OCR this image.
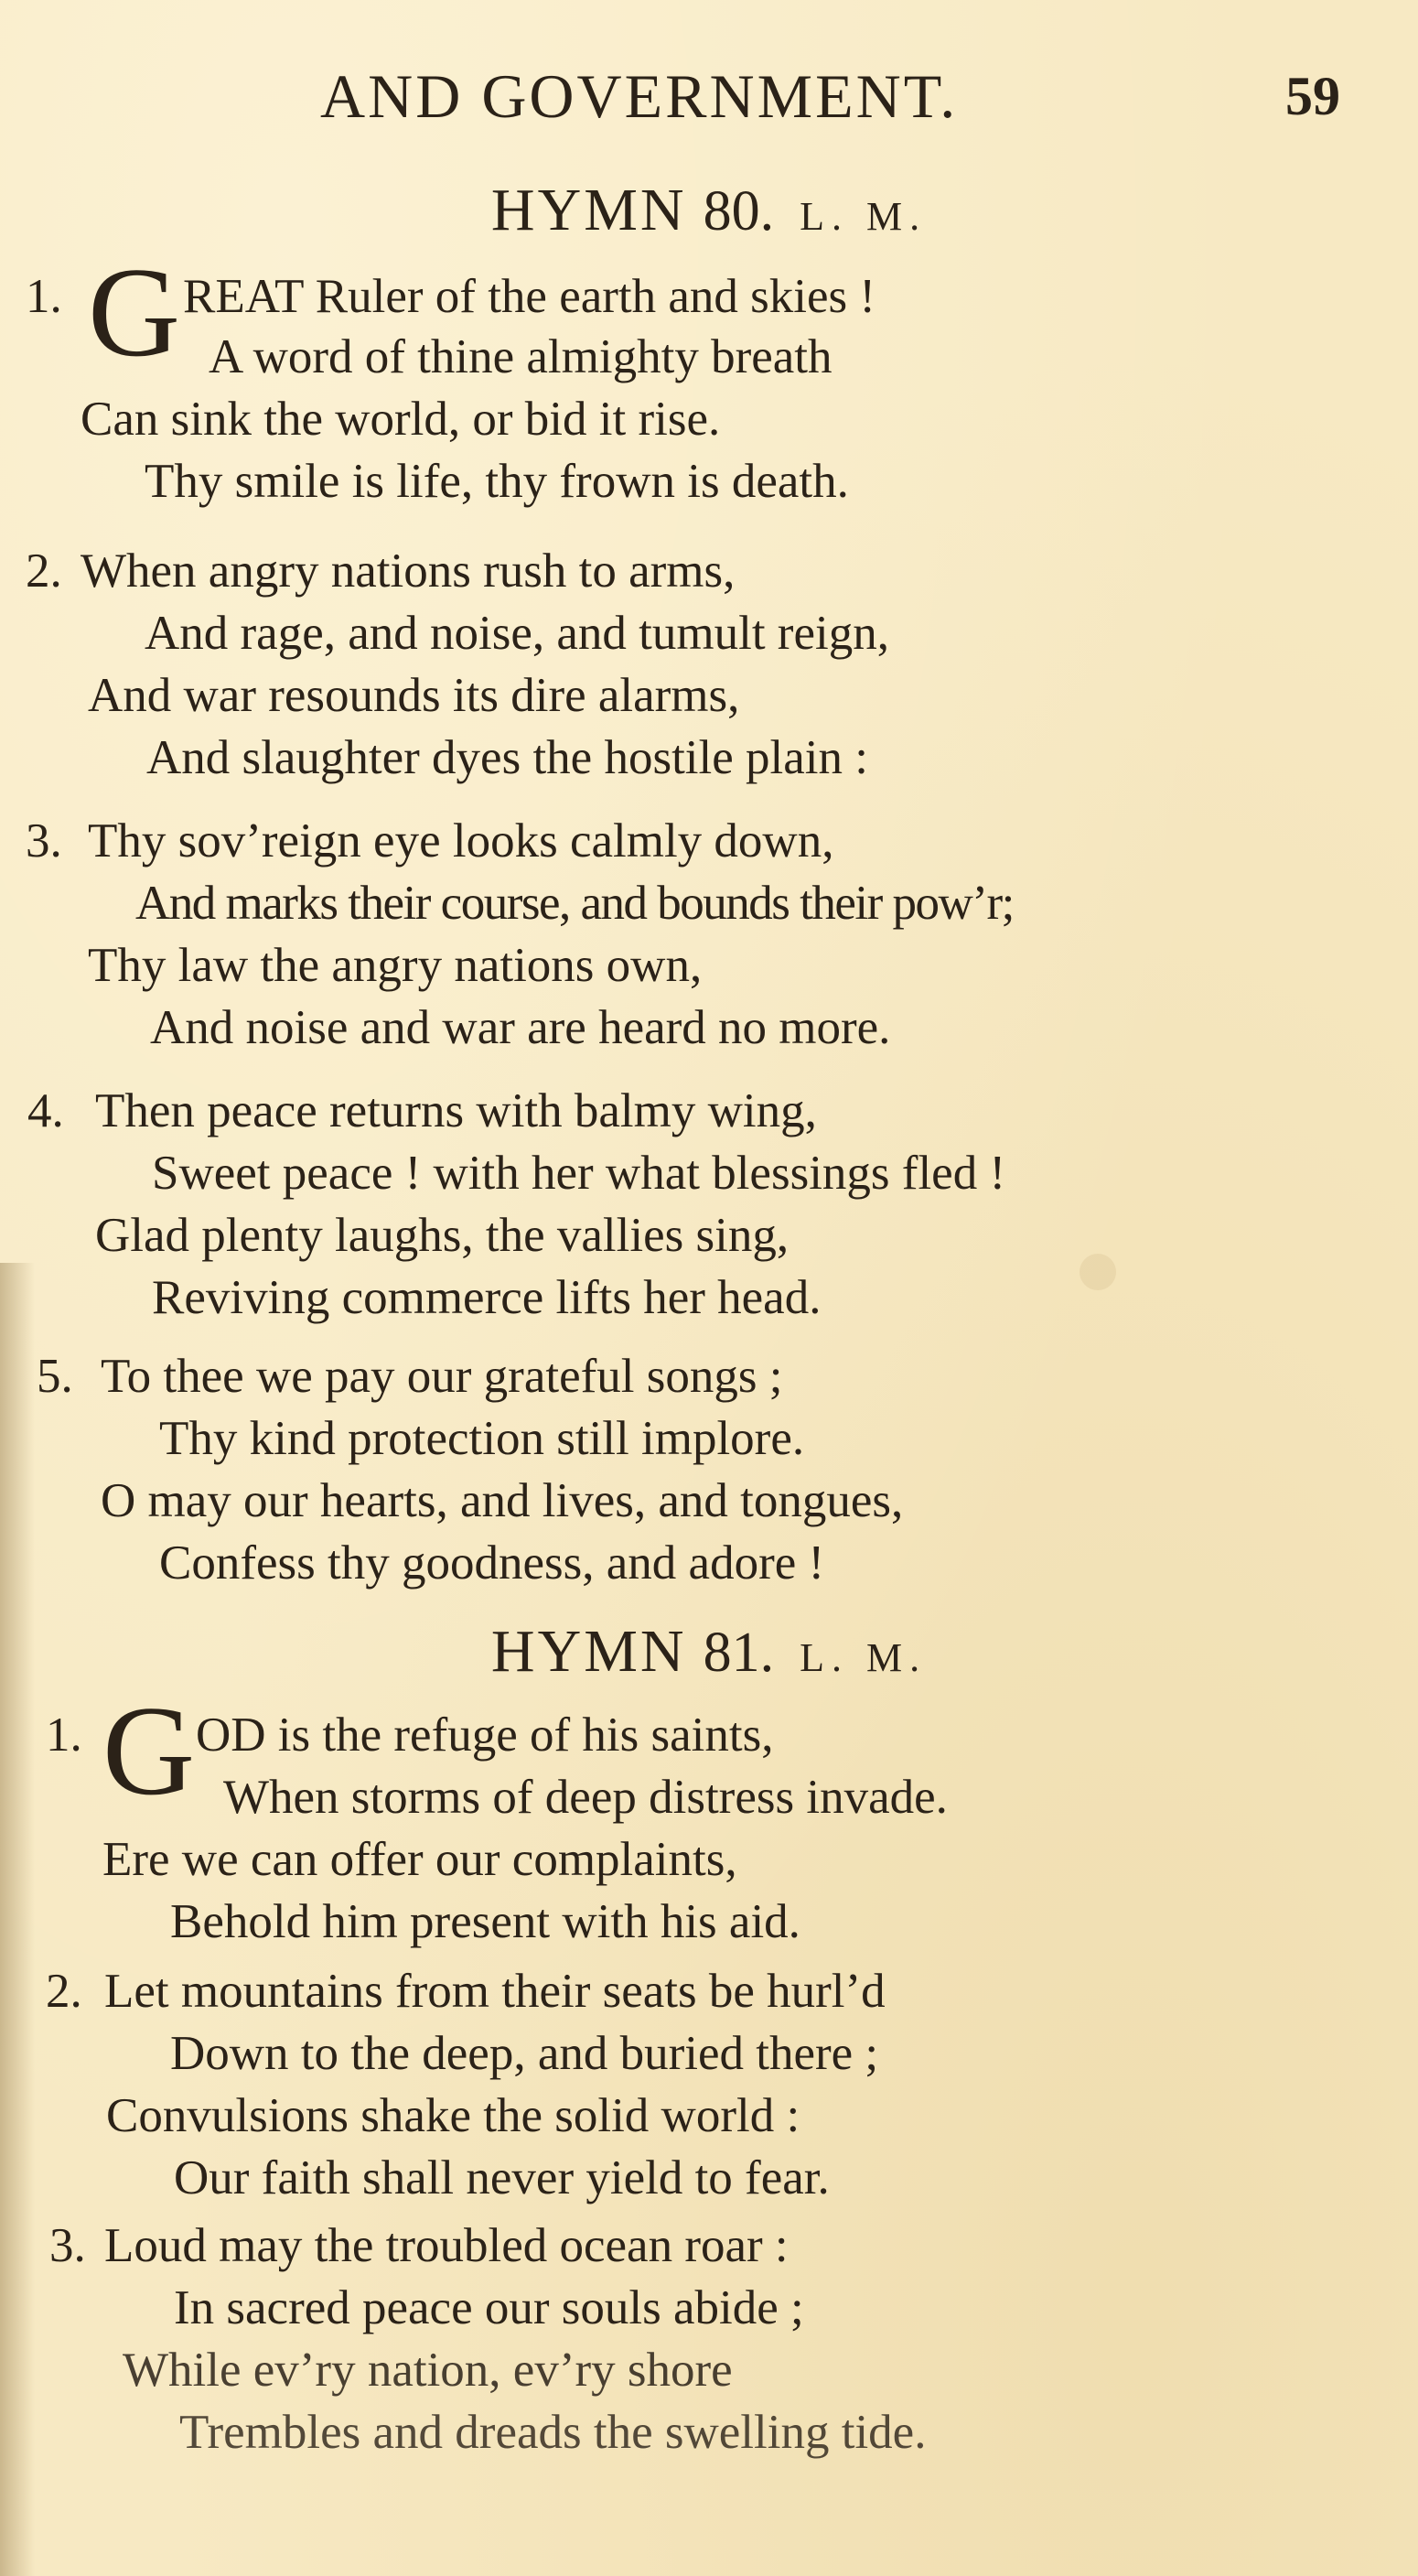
AND GOVERNMENT.	59
HYMN 80. L. M.
1. G REAT Ruler of the earth and skies !
A word of thine almighty breath
Can sink the world, or bid it rise.
Thy smile is life, thy frown is death.
2. When angry nations rush to arms,
And rage, and noise, and tumult reign,
And war resounds its dire alarms,
And slaughter dyes the hostile plain :
3. Thy sov’reign eye looks calmly down,
And marks their course, and bounds their pow’r;
Thy law the angry nations own,
And noise and war are heard no more.
4. Then peace returns with balmy wing,
Sweet peace ! with her what blessings fled !
Glad plenty laughs, the vallies sing,
Reviving commerce lifts her head.
5. To thee we pay our grateful songs ;
Thy kind protection still implore.
O may our hearts, and lives, and tongues,
Confess thy goodness, and adore !
HYMN 81. L. M.
1. G OD is the refuge of his saints,
When storms of deep distress invade.
Ere we can offer our complaints,
Behold him present with his aid.
2. Let mountains from their seats be hurl’d
Down to the deep, and buried there ;
Convulsions shake the solid world :
Our faith shall never yield to fear.
3. Loud may the troubled ocean roar :
In sacred peace our souls abide ;
While ev’ry nation, ev’ry shore
Trembles and dreads the swelling tide.
